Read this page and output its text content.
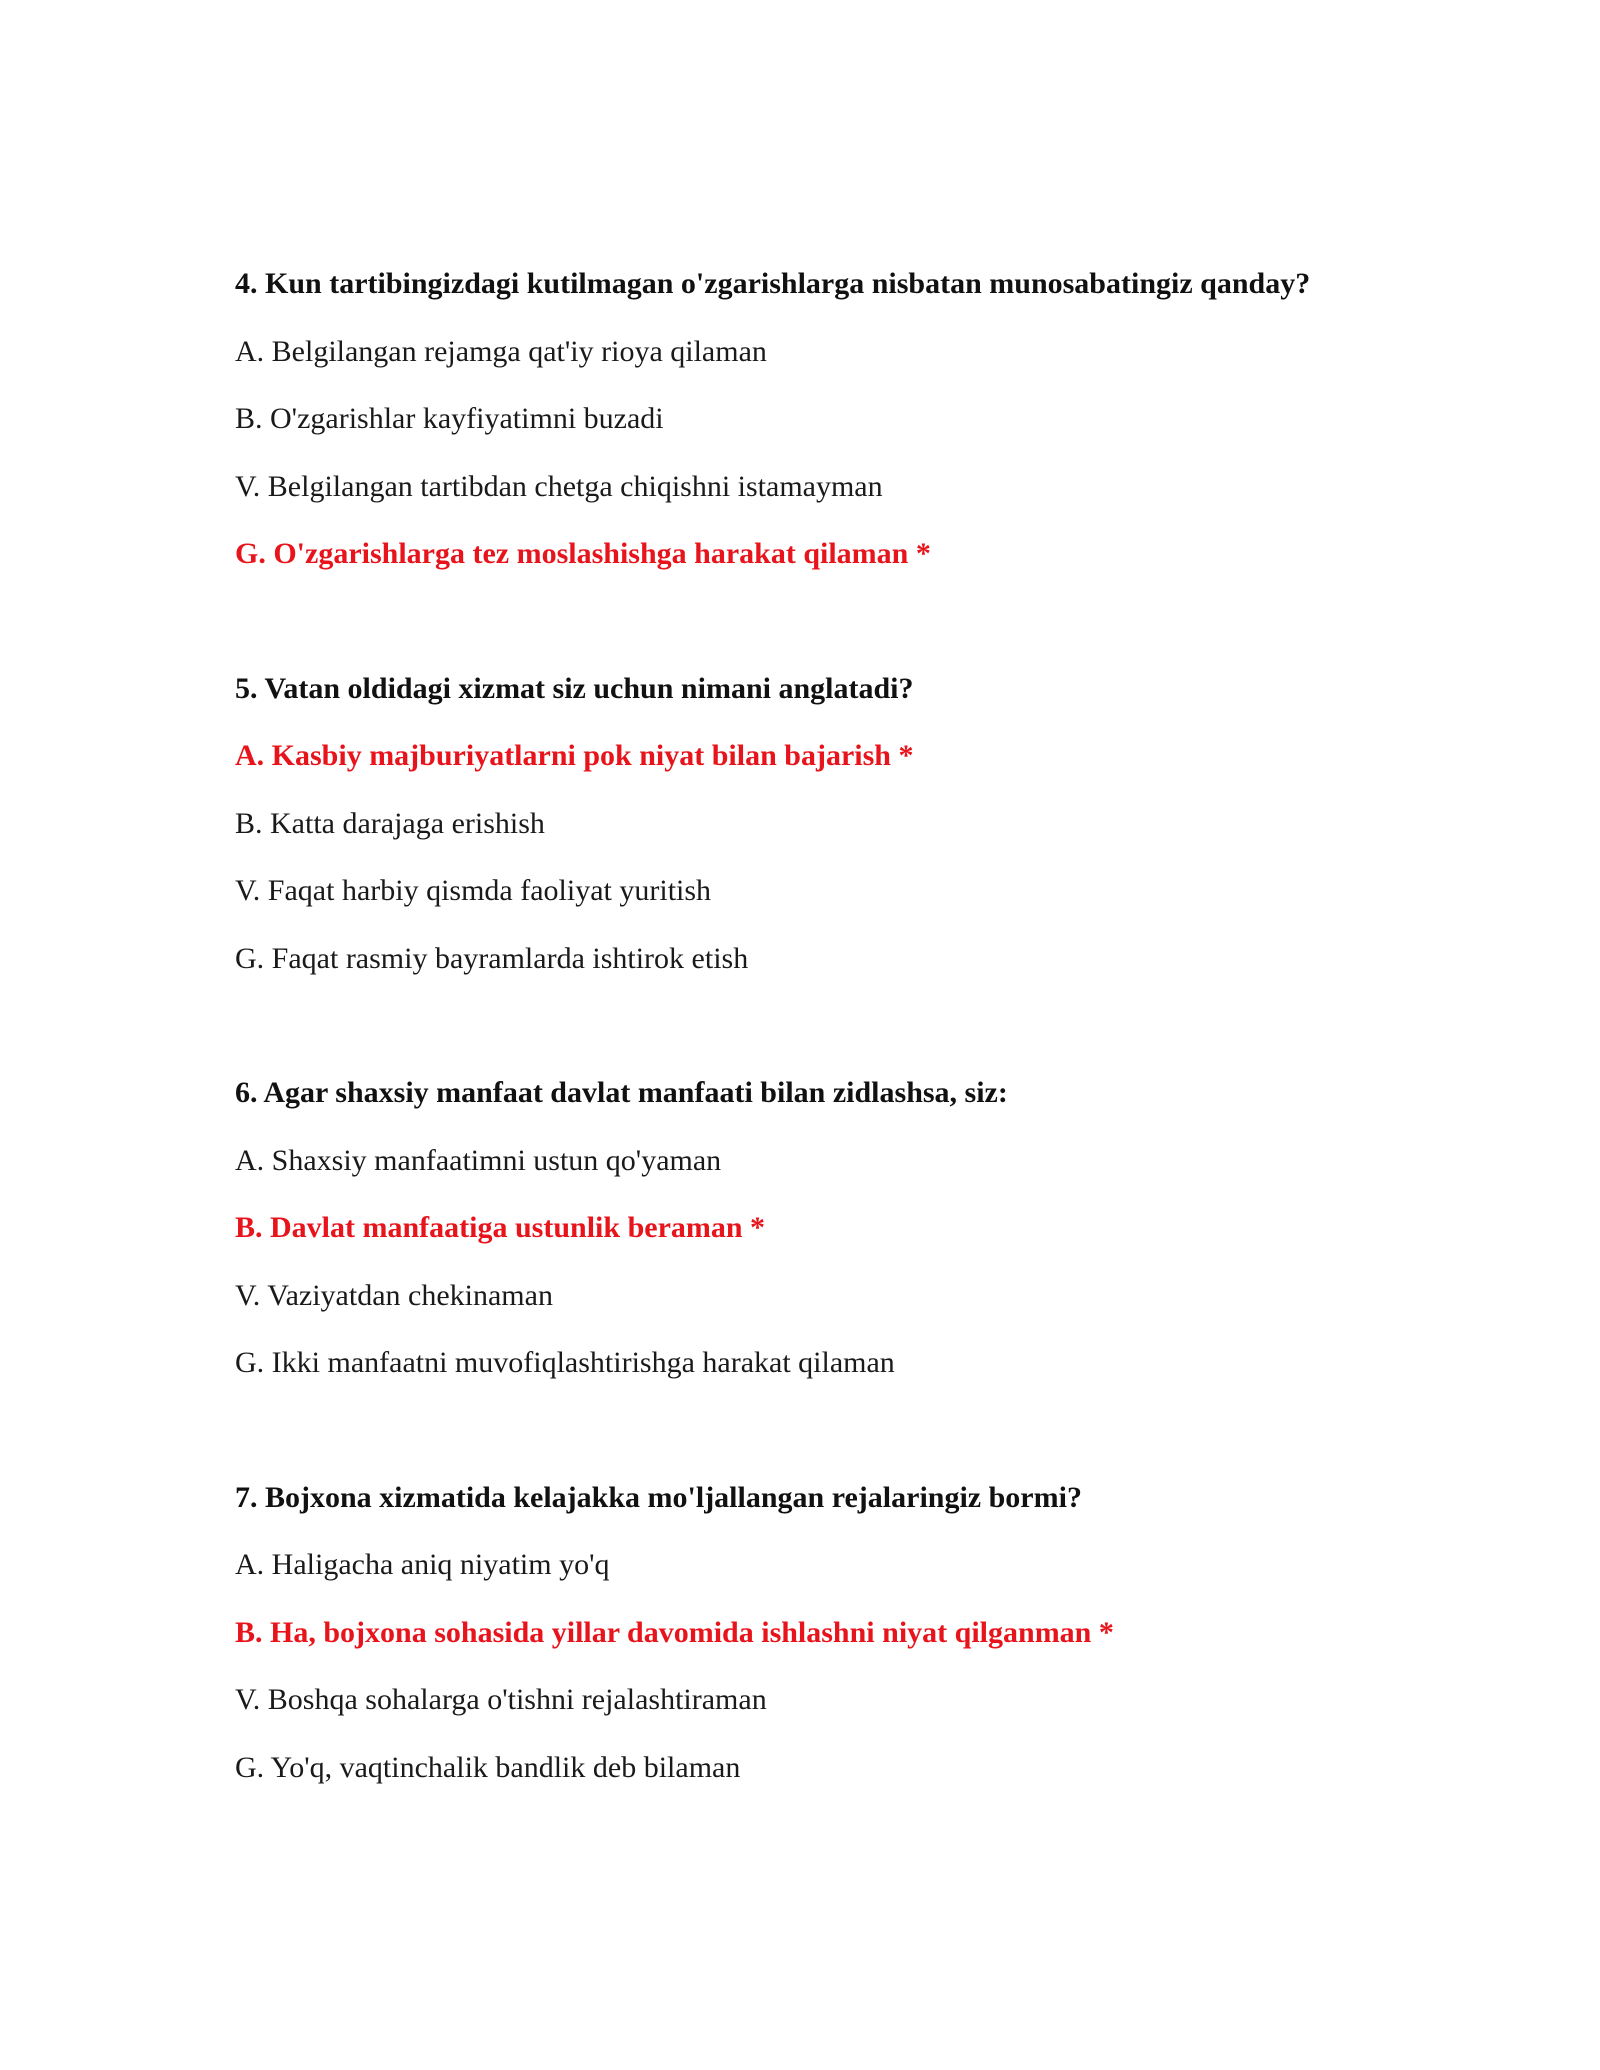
4. Kun tartibingizdagi kutilmagan o'zgarishlarga nisbatan munosabatingiz qanday?
A. Belgilangan rejamga qat'iy rioya qilaman
B. O'zgarishlar kayfiyatimni buzadi
V. Belgilangan tartibdan chetga chiqishni istamayman
G. O'zgarishlarga tez moslashishga harakat qilaman *
5. Vatan oldidagi xizmat siz uchun nimani anglatadi?
A. Kasbiy majburiyatlarni pok niyat bilan bajarish *
B. Katta darajaga erishish
V. Faqat harbiy qismda faoliyat yuritish
G. Faqat rasmiy bayramlarda ishtirok etish
6. Agar shaxsiy manfaat davlat manfaati bilan zidlashsa, siz:
A. Shaxsiy manfaatimni ustun qo'yaman
B. Davlat manfaatiga ustunlik beraman *
V. Vaziyatdan chekinaman
G. Ikki manfaatni muvofiqlashtirishga harakat qilaman
7. Bojxona xizmatida kelajakka mo'ljallangan rejalaringiz bormi?
A. Haligacha aniq niyatim yo'q
B. Ha, bojxona sohasida yillar davomida ishlashni niyat qilganman *
V. Boshqa sohalarga o'tishni rejalashtiraman
G. Yo'q, vaqtinchalik bandlik deb bilaman
